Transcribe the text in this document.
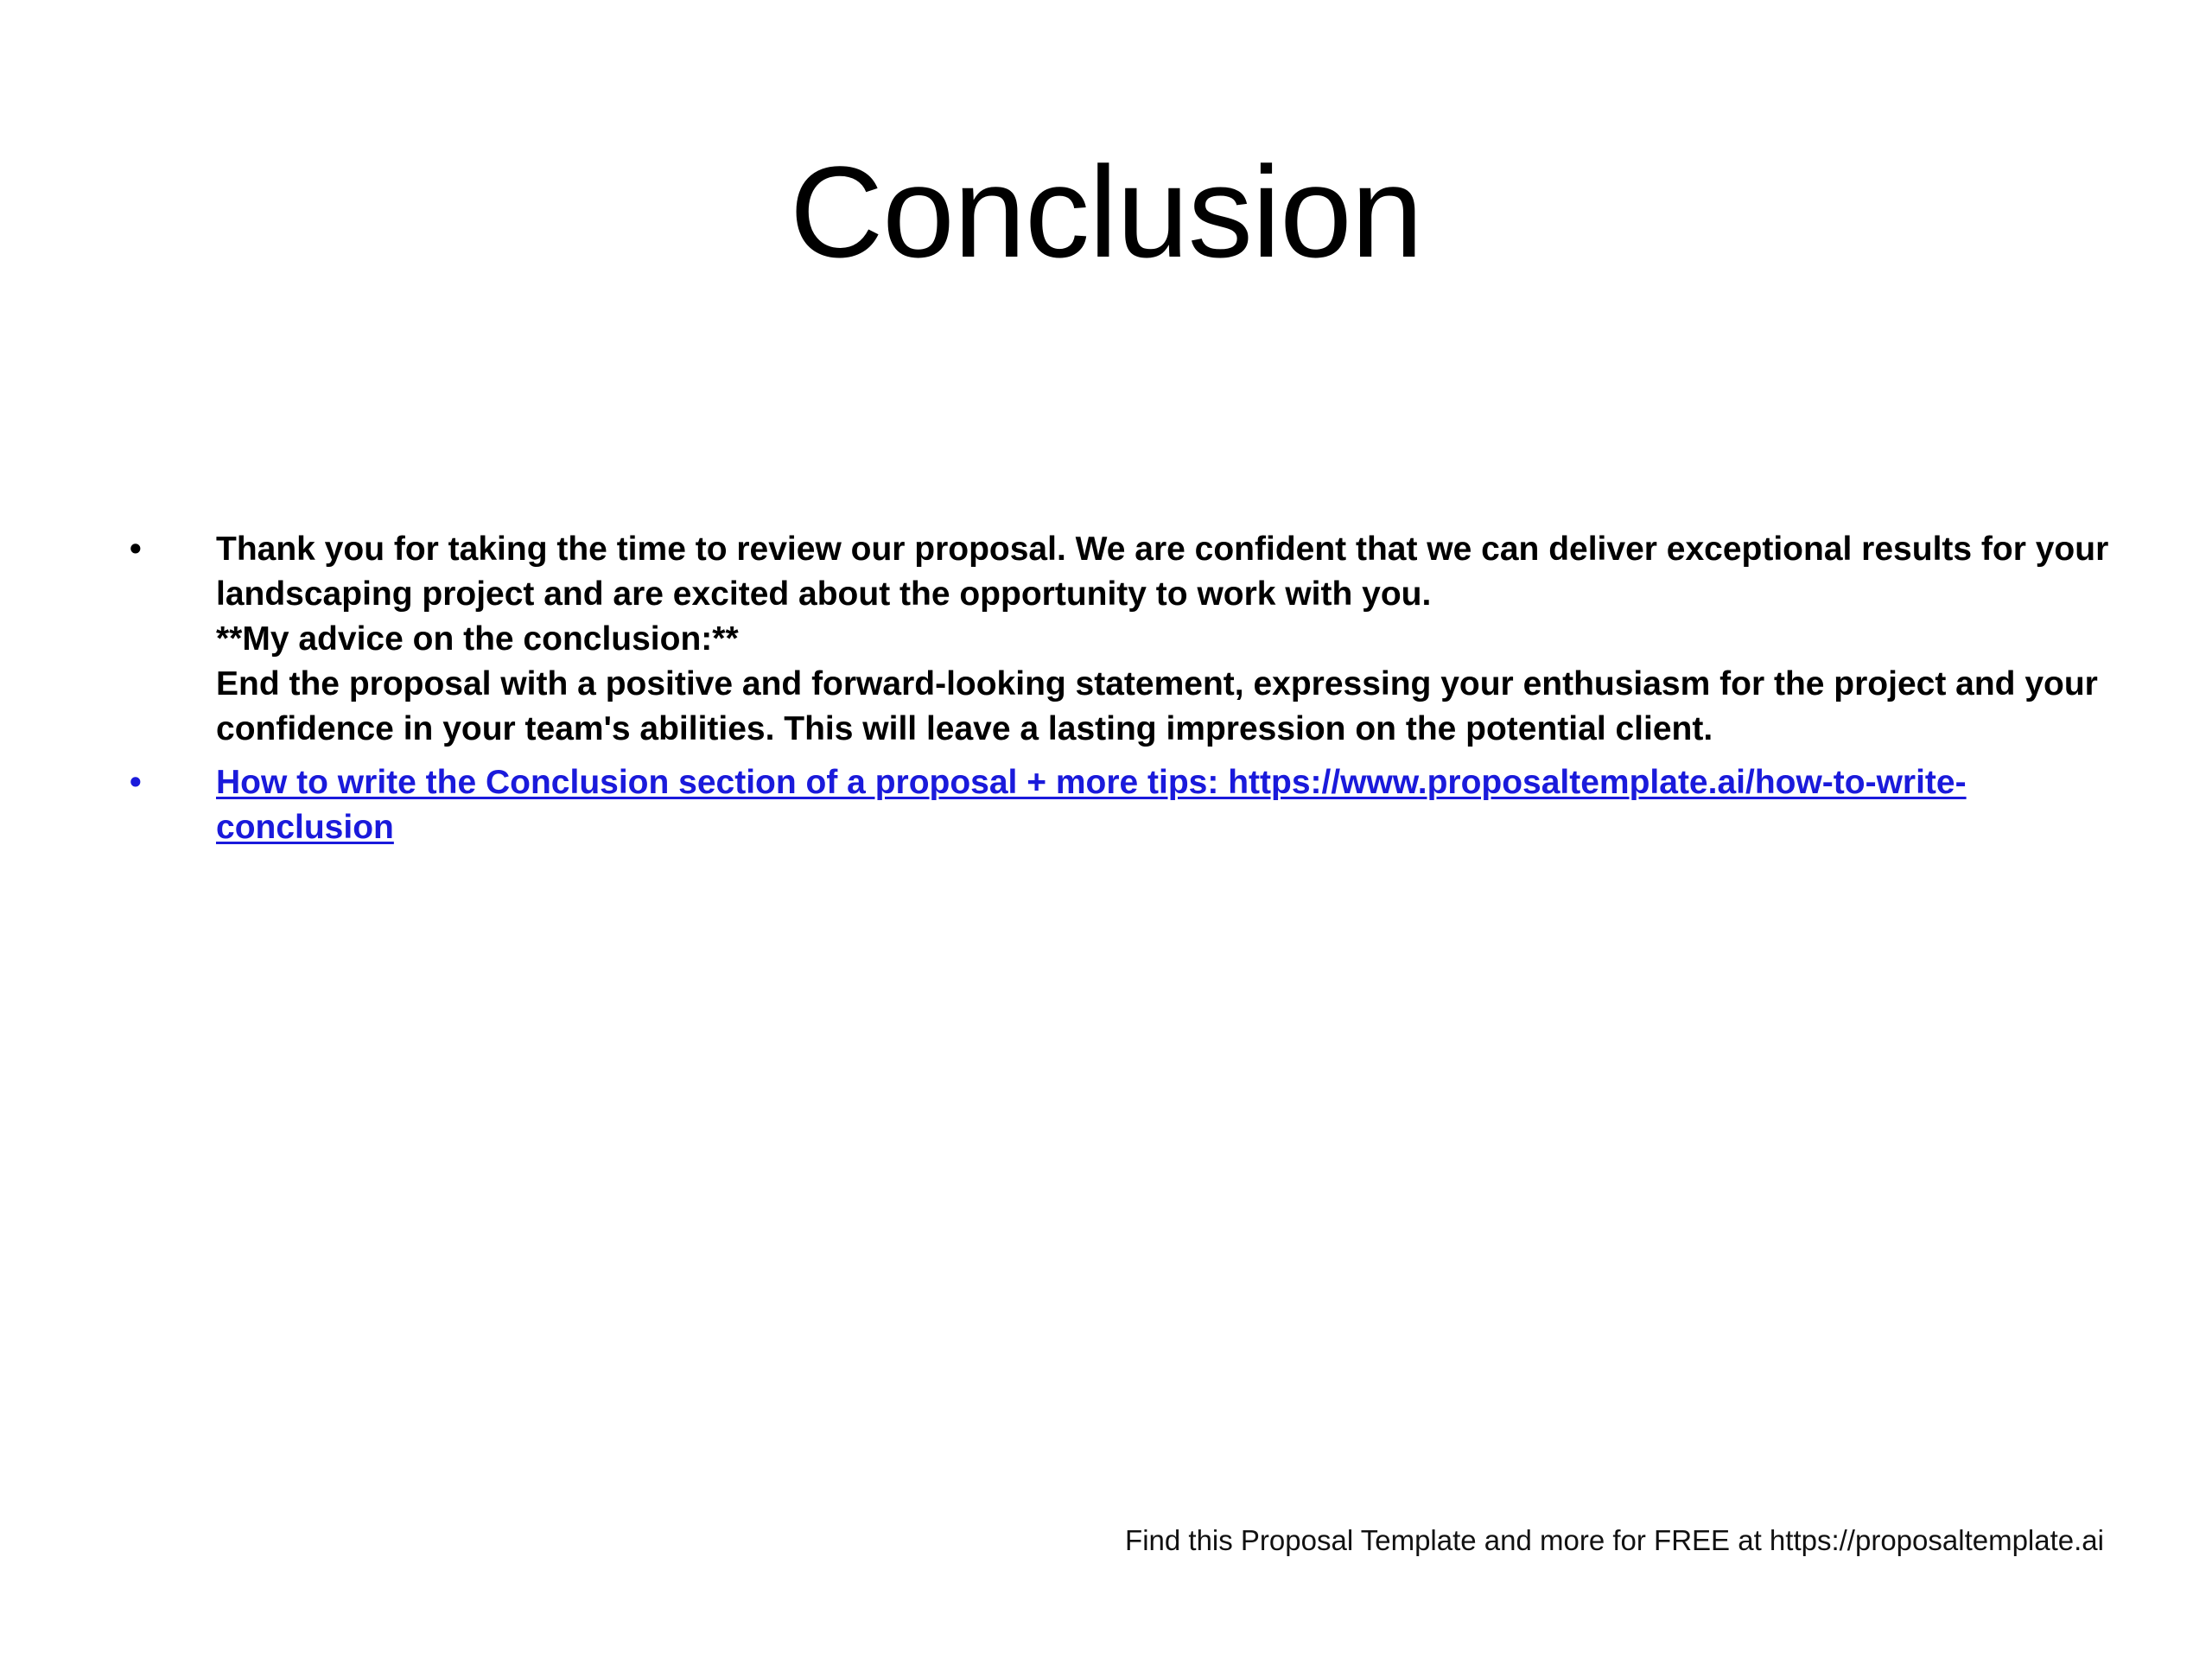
Conclusion
•	Thank you for taking the time to review our proposal. We are confident that we can deliver exceptional results for your landscaping project and are excited about the opportunity to work with you.
**My advice on the conclusion:**
End the proposal with a positive and forward-looking statement, expressing your enthusiasm for the project and your confidence in your team's abilities. This will leave a lasting impression on the potential client.
•	How to write the Conclusion section of a proposal + more tips: https://www.proposaltemplate.ai/how-to-write-conclusion
Find this Proposal Template and more for FREE at https://proposaltemplate.ai
